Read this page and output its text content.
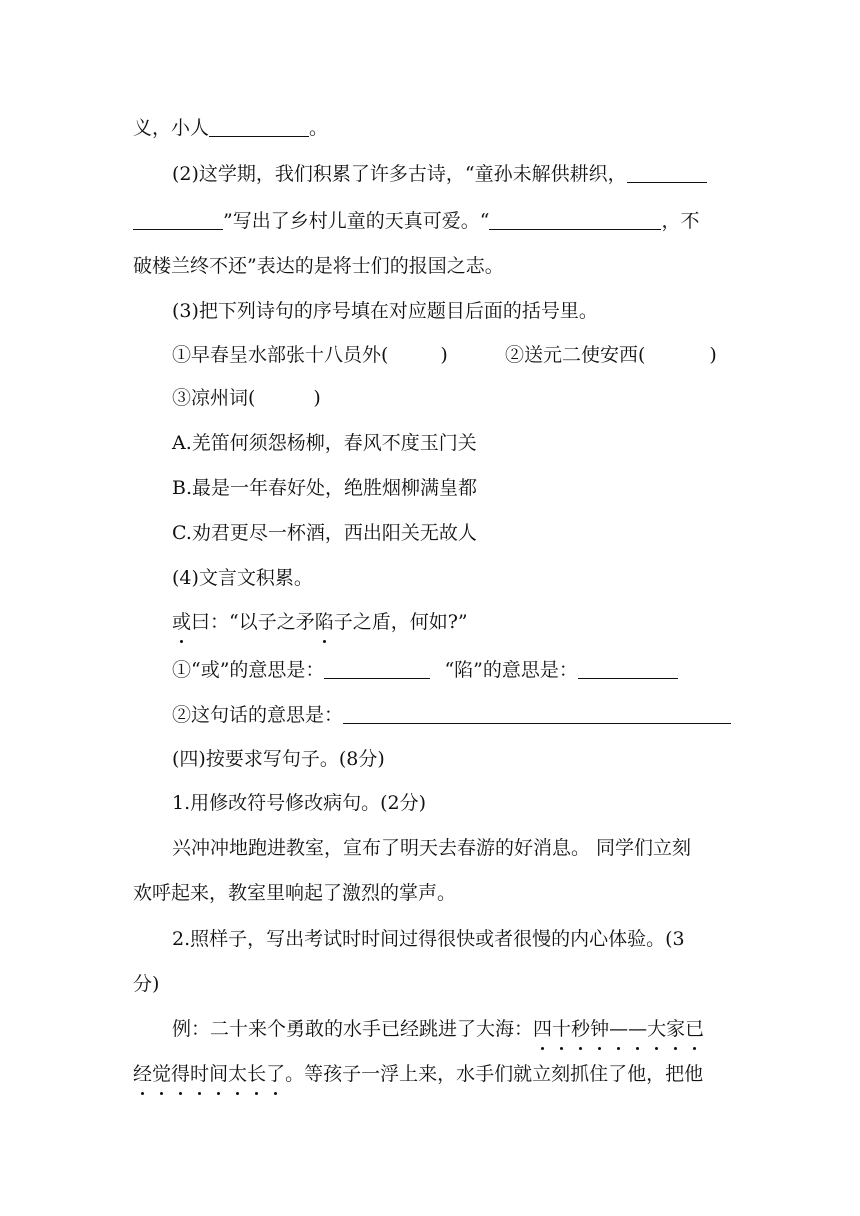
义，小人	。
(2)这学期，我们积累了许多古诗，“童孙未解供耕织，
”写出了乡村儿童的天真可爱。“	，不
破楼兰终不还”表达的是将士们的报国之志。
(3)把下列诗句的序号填在对应题目后面的括号里。
①早春呈水部张十八员外(	)	②送元二使安西(	)
③凉州词(	)
A.羌笛何须怨杨柳，春风不度玉门关
B.最是一年春好处，绝胜烟柳满皇都
C.劝君更尽一杯酒，西出阳关无故人
(4)文言文积累。
或曰：“以子之矛陷子之盾，何如?”
①“或”的意思是：	“陷”的意思是：
②这句话的意思是：
(四)按要求写句子。(8分)
1.用修改符号修改病句。(2分)
兴冲冲地跑进教室，宣布了明天去春游的好消息。 同学们立刻
欢呼起来，教室里响起了激烈的掌声。
2.照样子，写出考试时时间过得很快或者很慢的内心体验。(3
分)
例：二十来个勇敢的水手已经跳进了大海：四十秒钟——大家已
经觉得时间太长了。等孩子一浮上来，水手们就立刻抓住了他，把他
